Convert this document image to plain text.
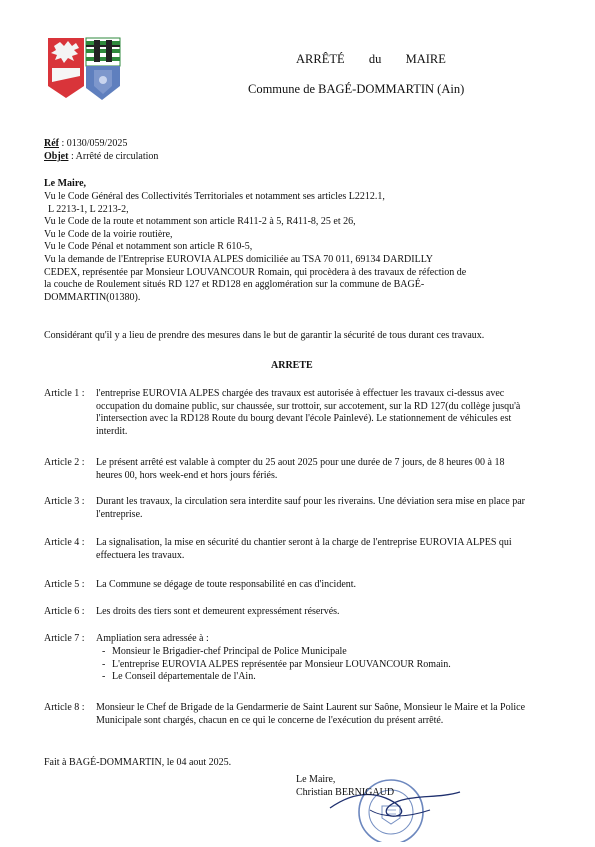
ARRÊTÉ du MAIRE
Commune de BAGÉ-DOMMARTIN (Ain)
Réf : 0130/059/2025
Objet : Arrêté de circulation
Le Maire,
Vu le Code Général des Collectivités Territoriales et notamment ses articles L2212.1,
L 2213-1, L 2213-2,
Vu le Code de la route et notamment son article R411-2 à 5, R411-8, 25 et 26,
Vu le Code de la voirie routière,
Vu le Code Pénal et notamment son article R 610-5,
Vu la demande de l'Entreprise EUROVIA ALPES domiciliée au TSA 70 011, 69134 DARDILLY
CEDEX, représentée par Monsieur LOUVANCOUR Romain, qui procèdera à des travaux de réfection de
la couche de Roulement situés RD 127 et RD128 en agglomération sur la commune de BAGÉ-
DOMMARTIN(01380).
Considérant qu'il y a lieu de prendre des mesures dans le but de garantir la sécurité de tous durant ces travaux.
ARRETE
Article 1 : l'entreprise EUROVIA ALPES chargée des travaux est autorisée à effectuer les travaux ci-dessus avec occupation du domaine public, sur chaussée, sur trottoir, sur accotement, sur la RD 127(du collège jusqu'à l'intersection avec la RD128 Route du bourg devant l'école Painlevé). Le stationnement de véhicules est interdit.
Article 2 : Le présent arrêté est valable à compter du 25 aout 2025 pour une durée de 7 jours, de 8 heures 00 à 18 heures 00, hors week-end et hors jours fériés.
Article 3 : Durant les travaux, la circulation sera interdite sauf pour les riverains. Une déviation sera mise en place par l'entreprise.
Article 4 : La signalisation, la mise en sécurité du chantier seront à la charge de l'entreprise EUROVIA ALPES qui effectuera les travaux.
Article 5 : La Commune se dégage de toute responsabilité en cas d'incident.
Article 6 : Les droits des tiers sont et demeurent expressément réservés.
Article 7 : Ampliation sera adressée à :
- Monsieur le Brigadier-chef Principal de Police Municipale
- L'entreprise EUROVIA ALPES représentée par Monsieur LOUVANCOUR Romain.
- Le Conseil départementale de l'Ain.
Article 8 : Monsieur le Chef de Brigade de la Gendarmerie de Saint Laurent sur Saône, Monsieur le Maire et la Police Municipale sont chargés, chacun en ce qui le concerne de l'exécution du présent arrêté.
Fait à BAGÉ-DOMMARTIN, le 04 aout 2025.
Le Maire,
Christian BERNIGAUD
